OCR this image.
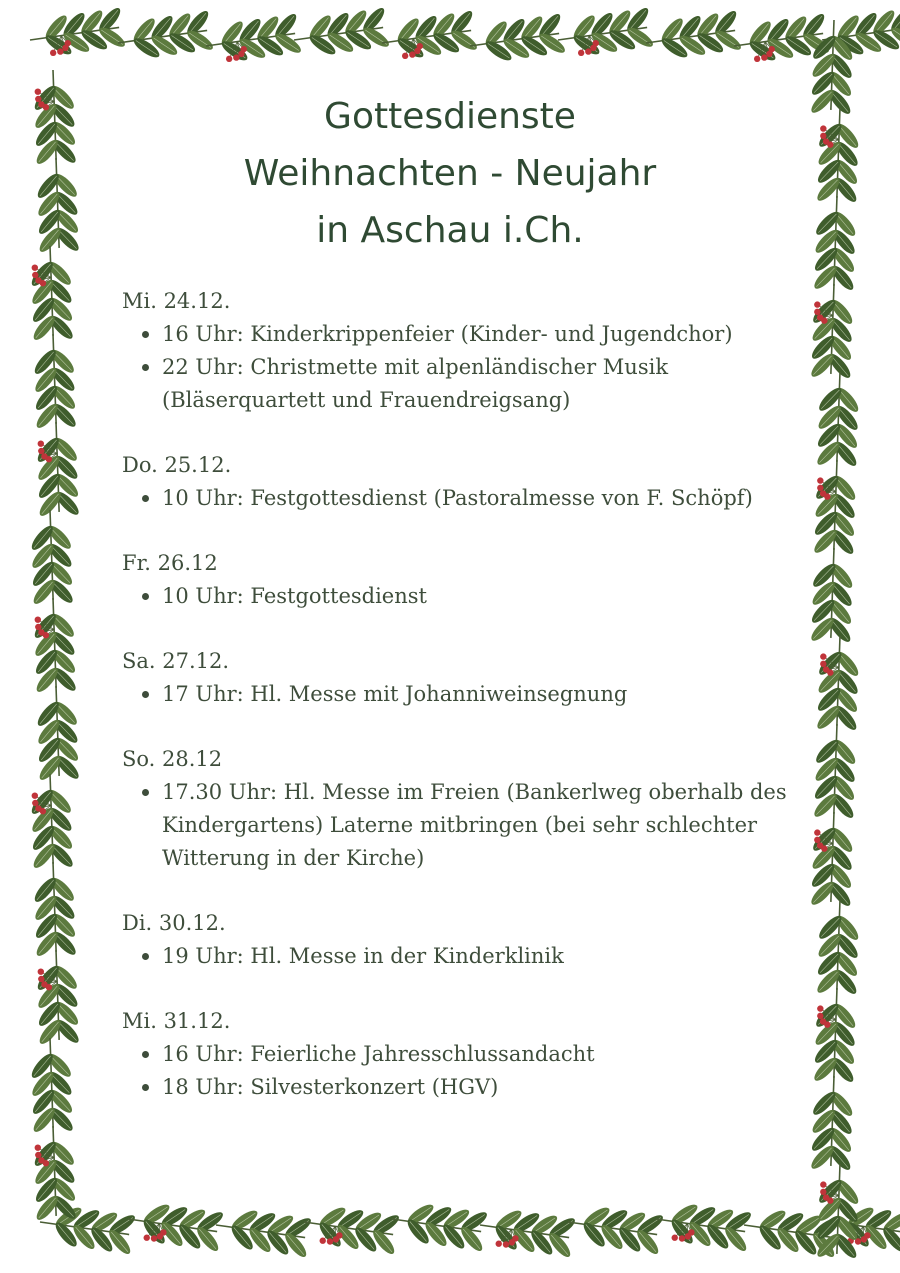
Gottesdienste
Weihnachten - Neujahr
in Aschau i.Ch.
Mi. 24.12.
16 Uhr: Kinderkrippenfeier (Kinder- und Jugendchor)
22 Uhr: Christmette mit alpenländischer Musik (Bläserquartett und Frauendreigsang)
Do. 25.12.
10 Uhr: Festgottesdienst (Pastoralmesse von F. Schöpf)
Fr. 26.12
10 Uhr: Festgottesdienst
Sa. 27.12.
17 Uhr: Hl. Messe mit Johanniweinsegnung
So. 28.12
17.30 Uhr: Hl. Messe im Freien (Bankerlweg oberhalb des Kindergartens) Laterne mitbringen (bei sehr schlechter Witterung in der Kirche)
Di. 30.12.
19 Uhr: Hl. Messe in der Kinderklinik
Mi. 31.12.
16 Uhr: Feierliche Jahresschlussandacht
18 Uhr: Silvesterkonzert (HGV)
